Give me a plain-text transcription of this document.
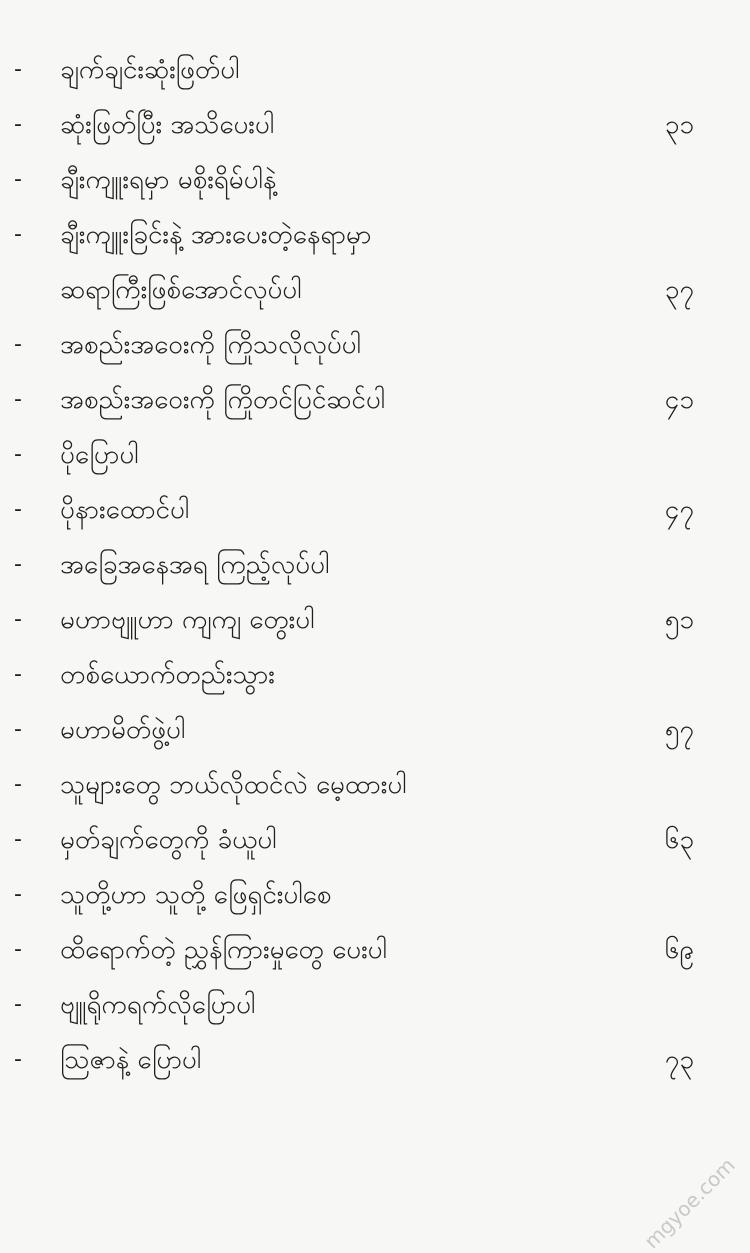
- ချက်ချင်းဆုံးဖြတ်ပါ
- ဆုံးဖြတ်ပြီး အသိပေးပါ	၃၁
- ချီးကျူးရမှာ မစိုးရိမ်ပါနဲ့
- ချီးကျူးခြင်းနဲ့ အားပေးတဲ့နေရာမှာ
ဆရာကြီးဖြစ်အောင်လုပ်ပါ	၃၇
- အစည်းအဝေးကို ကြိုသလိုလုပ်ပါ
- အစည်းအဝေးကို ကြိုတင်ပြင်ဆင်ပါ	၄၁
- ပိုပြောပါ
- ပိုနားထောင်ပါ	၄၇
- အခြေအနေအရ ကြည့်လုပ်ပါ
- မဟာဗျူဟာ ကျကျ တွေးပါ	၅၁
- တစ်ယောက်တည်းသွား
- မဟာမိတ်ဖွဲ့ပါ	၅၇
- သူများတွေ ဘယ်လိုထင်လဲ မေ့ထားပါ
- မှတ်ချက်တွေကို ခံယူပါ	၆၃
- သူတို့ဟာ သူတို့ ဖြေရှင်းပါစေ
- ထိရောက်တဲ့ ညွှန်ကြားမှုတွေ ပေးပါ	၆၉
- ဗျူရိုကရက်လိုပြောပါ
- သြဇာနဲ့ ပြောပါ	၇၃
mgyoe.com
